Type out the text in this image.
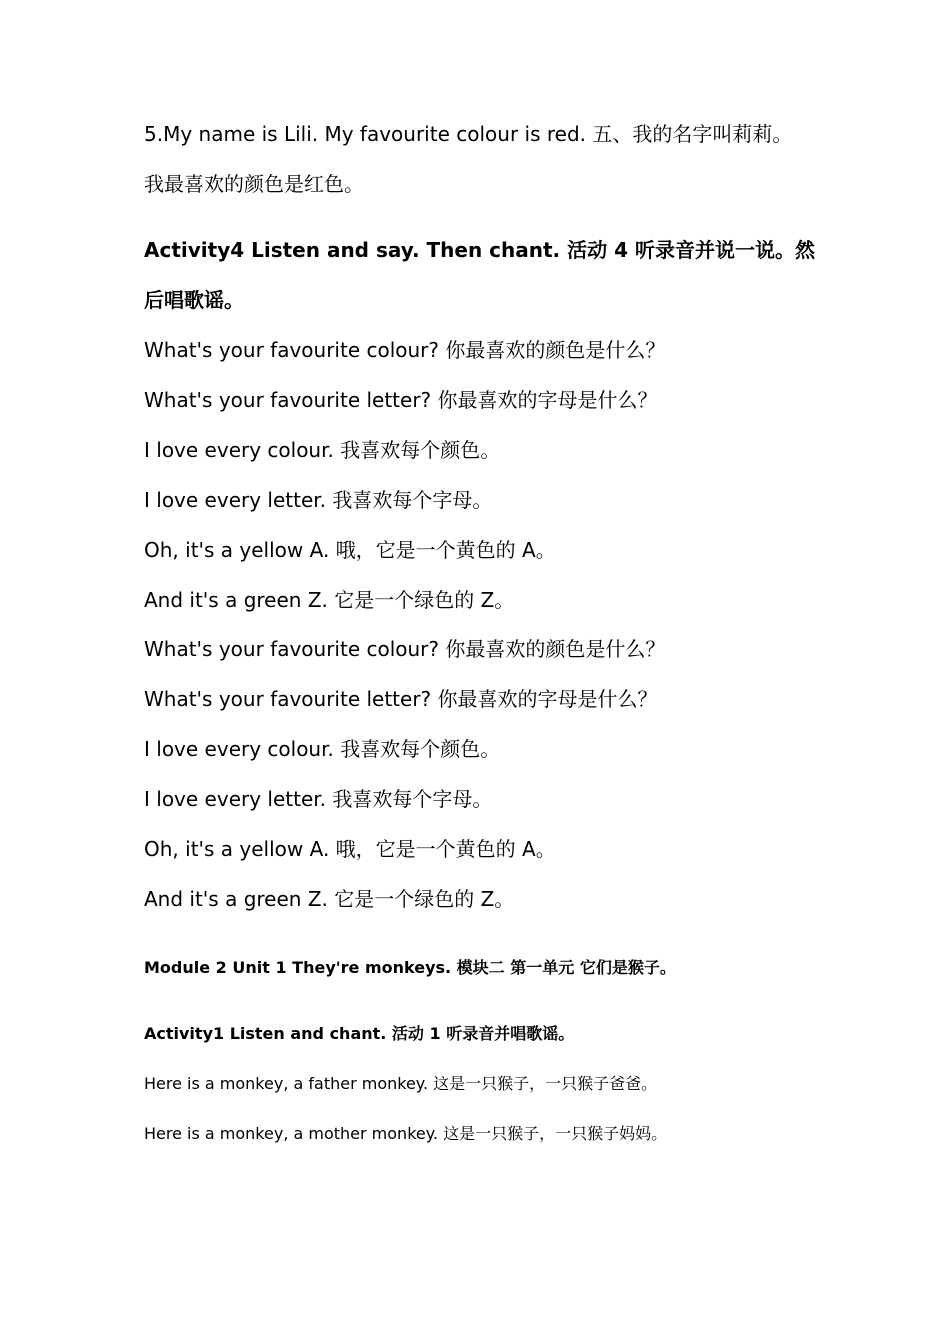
5.My name is Lili. My favourite colour is red. 五、我的名字叫莉莉。
我最喜欢的颜色是红色。
Activity4 Listen and say. Then chant. 活动 4 听录音并说一说。然
后唱歌谣。
What's your favourite colour? 你最喜欢的颜色是什么？
What's your favourite letter? 你最喜欢的字母是什么？
I love every colour. 我喜欢每个颜色。
I love every letter. 我喜欢每个字母。
Oh, it's a yellow A. 哦，它是一个黄色的 A。
And it's a green Z. 它是一个绿色的 Z。
What's your favourite colour? 你最喜欢的颜色是什么？
What's your favourite letter? 你最喜欢的字母是什么？
I love every colour. 我喜欢每个颜色。
I love every letter. 我喜欢每个字母。
Oh, it's a yellow A. 哦，它是一个黄色的 A。
And it's a green Z. 它是一个绿色的 Z。
Module 2 Unit 1 They're monkeys. 模块二 第一单元 它们是猴子。
Activity1 Listen and chant. 活动 1 听录音并唱歌谣。
Here is a monkey, a father monkey. 这是一只猴子，一只猴子爸爸。
Here is a monkey, a mother monkey. 这是一只猴子，一只猴子妈妈。
